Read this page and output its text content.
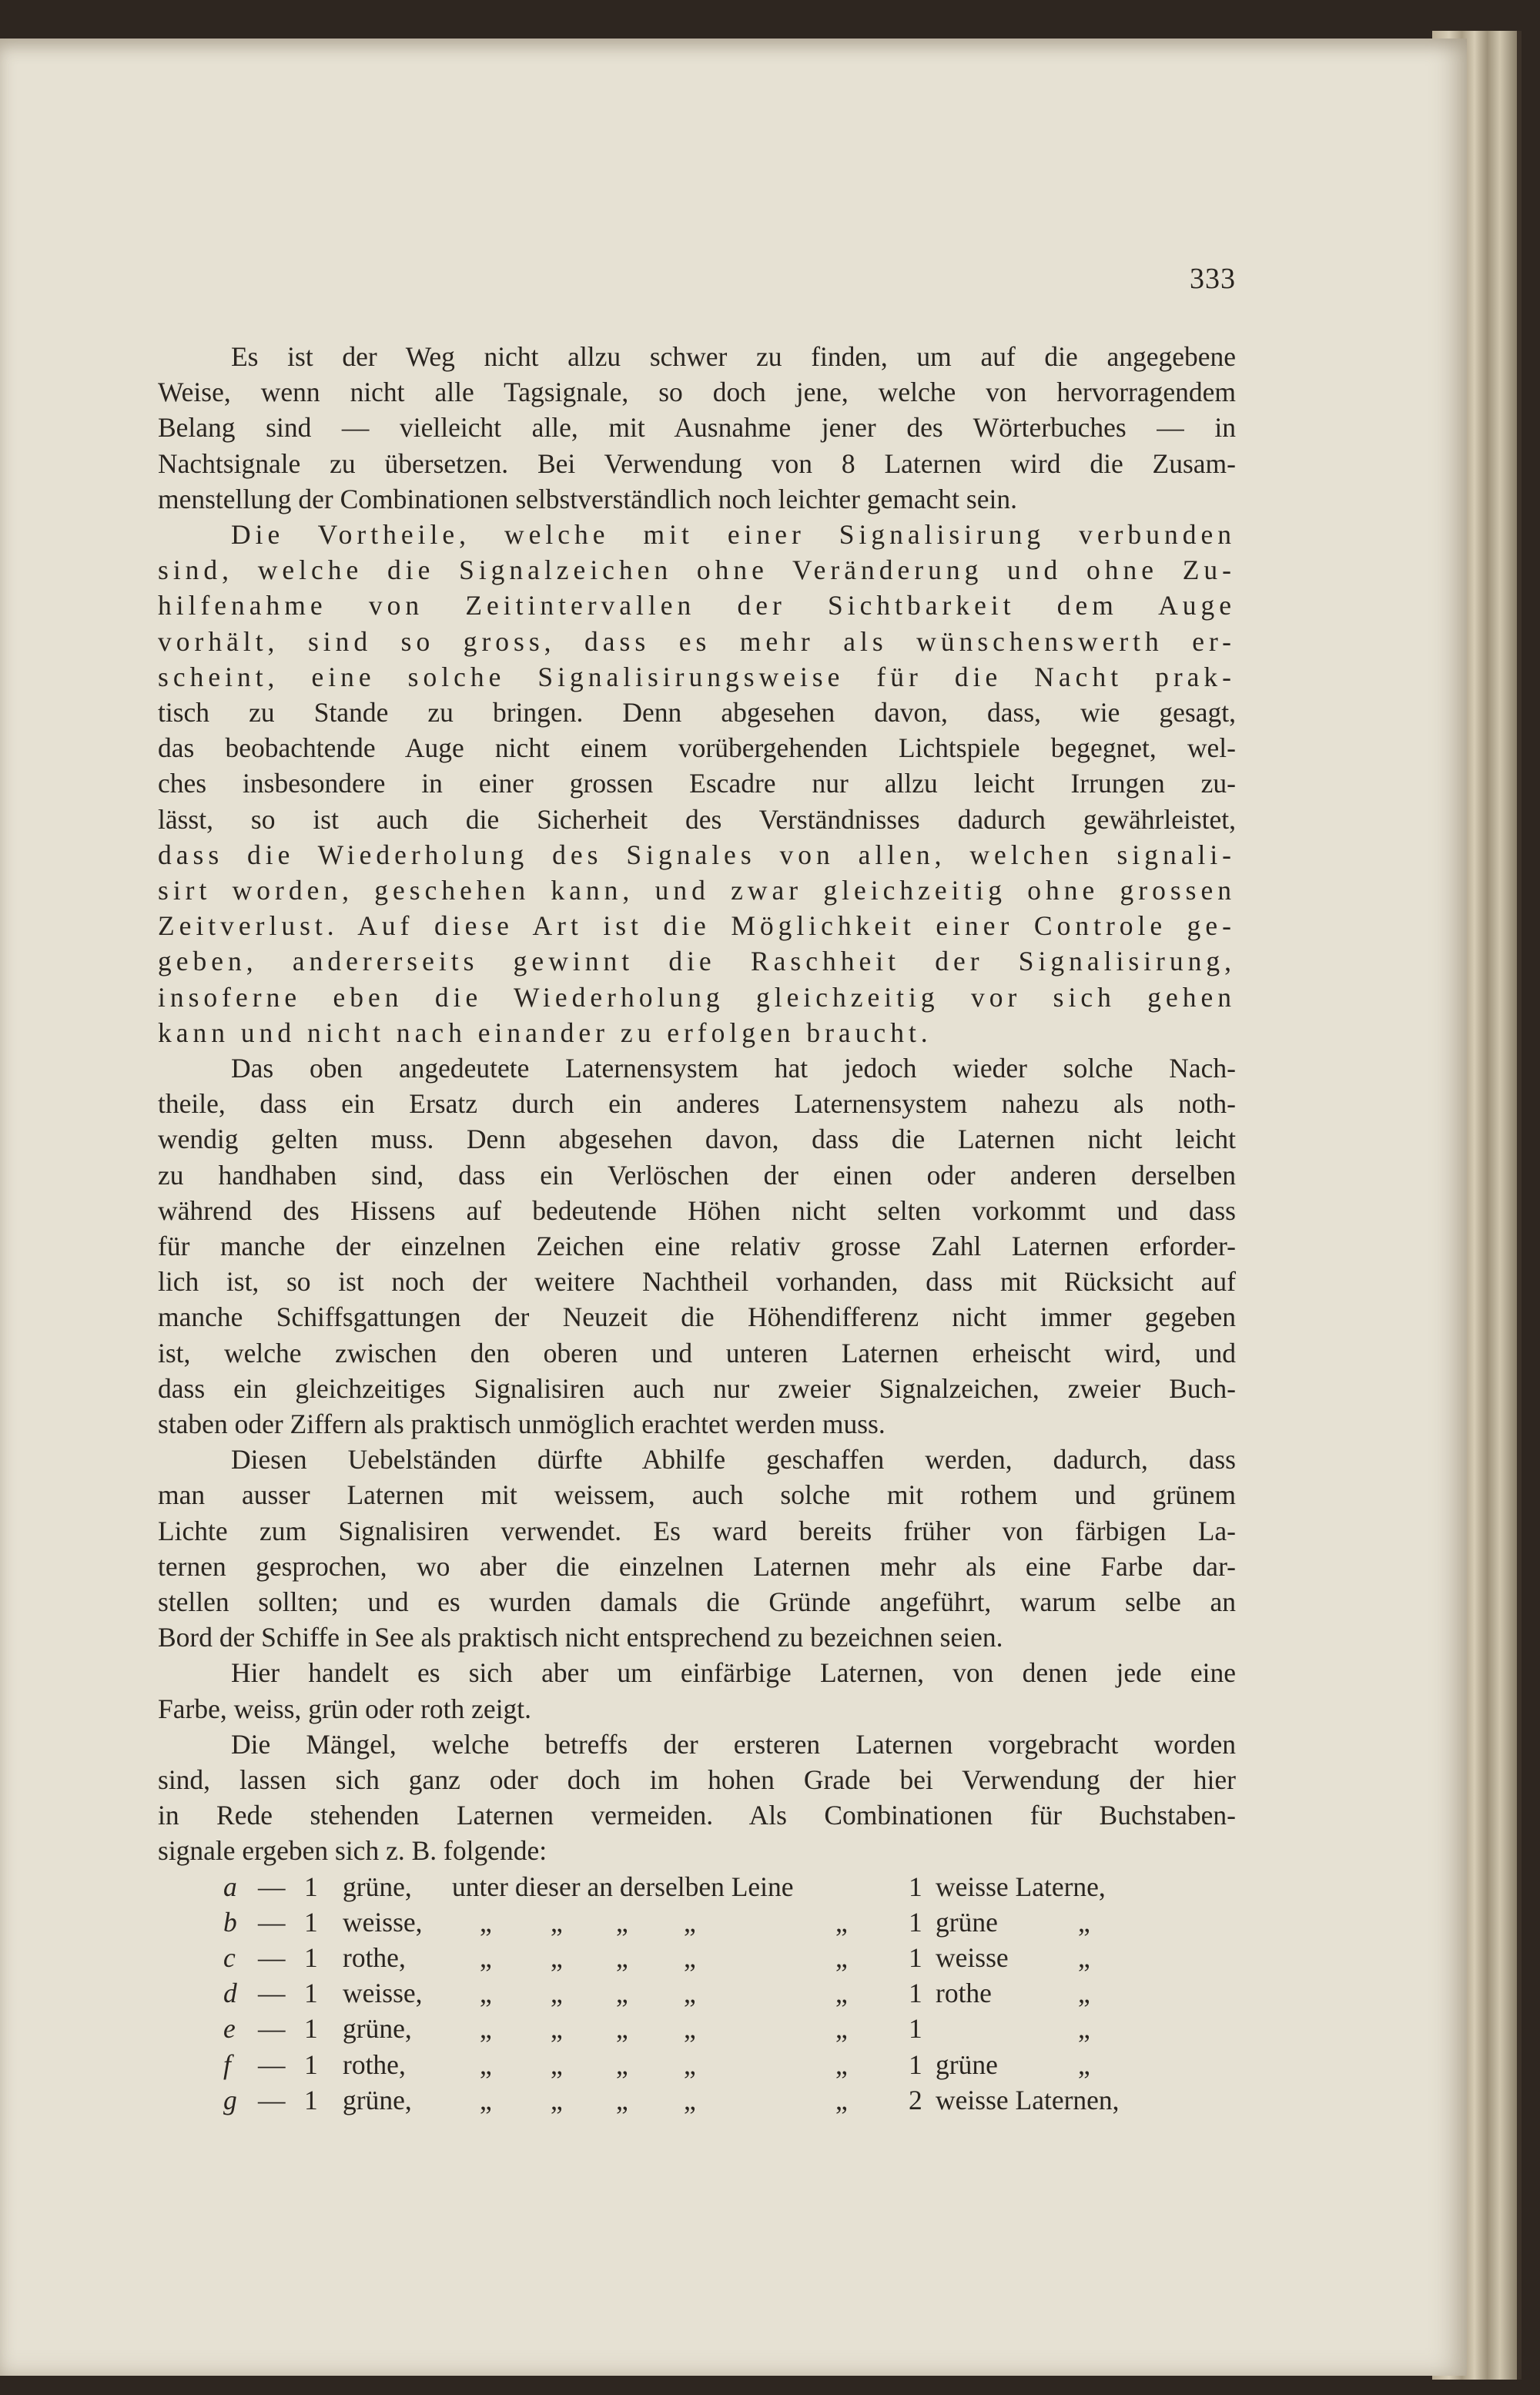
333
Es ist der Weg nicht allzu schwer zu finden, um auf die angegebene
Weise, wenn nicht alle Tagsignale, so doch jene, welche von hervorragendem
Belang sind — vielleicht alle, mit Ausnahme jener des Wörterbuches — in
Nachtsignale zu übersetzen. Bei Verwendung von 8 Laternen wird die Zusam-
menstellung der Combinationen selbstverständlich noch leichter gemacht sein.
Die Vortheile, welche mit einer Signalisirung verbunden
sind, welche die Signalzeichen ohne Veränderung und ohne Zu-
hilfenahme von Zeitintervallen der Sichtbarkeit dem Auge
vorhält, sind so gross, dass es mehr als wünschenswerth er-
scheint, eine solche Signalisirungsweise für die Nacht prak-
tisch zu Stande zu bringen. Denn abgesehen davon, dass, wie gesagt,
das beobachtende Auge nicht einem vorübergehenden Lichtspiele begegnet, wel-
ches insbesondere in einer grossen Escadre nur allzu leicht Irrungen zu-
lässt, so ist auch die Sicherheit des Verständnisses dadurch gewährleistet,
dass die Wiederholung des Signales von allen, welchen signali-
sirt worden, geschehen kann, und zwar gleichzeitig ohne grossen
Zeitverlust. Auf diese Art ist die Möglichkeit einer Controle ge-
geben, andererseits gewinnt die Raschheit der Signalisirung,
insoferne eben die Wiederholung gleichzeitig vor sich gehen
kann und nicht nach einander zu erfolgen braucht.
Das oben angedeutete Laternensystem hat jedoch wieder solche Nach-
theile, dass ein Ersatz durch ein anderes Laternensystem nahezu als noth-
wendig gelten muss. Denn abgesehen davon, dass die Laternen nicht leicht
zu handhaben sind, dass ein Verlöschen der einen oder anderen derselben
während des Hissens auf bedeutende Höhen nicht selten vorkommt und dass
für manche der einzelnen Zeichen eine relativ grosse Zahl Laternen erforder-
lich ist, so ist noch der weitere Nachtheil vorhanden, dass mit Rücksicht auf
manche Schiffsgattungen der Neuzeit die Höhendifferenz nicht immer gegeben
ist, welche zwischen den oberen und unteren Laternen erheischt wird, und
dass ein gleichzeitiges Signalisiren auch nur zweier Signalzeichen, zweier Buch-
staben oder Ziffern als praktisch unmöglich erachtet werden muss.
Diesen Uebelständen dürfte Abhilfe geschaffen werden, dadurch, dass
man ausser Laternen mit weissem, auch solche mit rothem und grünem
Lichte zum Signalisiren verwendet. Es ward bereits früher von färbigen La-
ternen gesprochen, wo aber die einzelnen Laternen mehr als eine Farbe dar-
stellen sollten; und es wurden damals die Gründe angeführt, warum selbe an
Bord der Schiffe in See als praktisch nicht entsprechend zu bezeichnen seien.
Hier handelt es sich aber um einfärbige Laternen, von denen jede eine
Farbe, weiss, grün oder roth zeigt.
Die Mängel, welche betreffs der ersteren Laternen vorgebracht worden
sind, lassen sich ganz oder doch im hohen Grade bei Verwendung der hier
in Rede stehenden Laternen vermeiden. Als Combinationen für Buchstaben-
signale ergeben sich z. B. folgende:
a — 1 grüne, unter dieser an derselben Leine	1 weisse Laterne,
b — 1 weisse, „ „ „ „	„ 1 grüne	„
c — 1 rothe,	„ „ „ „	„ 1 weisse	„
d — 1 weisse, „ „ „ „	„ 1 rothe	„
e — 1 grüne, „ „ „ „	„ 1	„
f — 1 rothe,	„ „ „ „	„ 1 grüne	„
g — 1 grüne, „ „ „ „	„ 2 weisse Laternen,
